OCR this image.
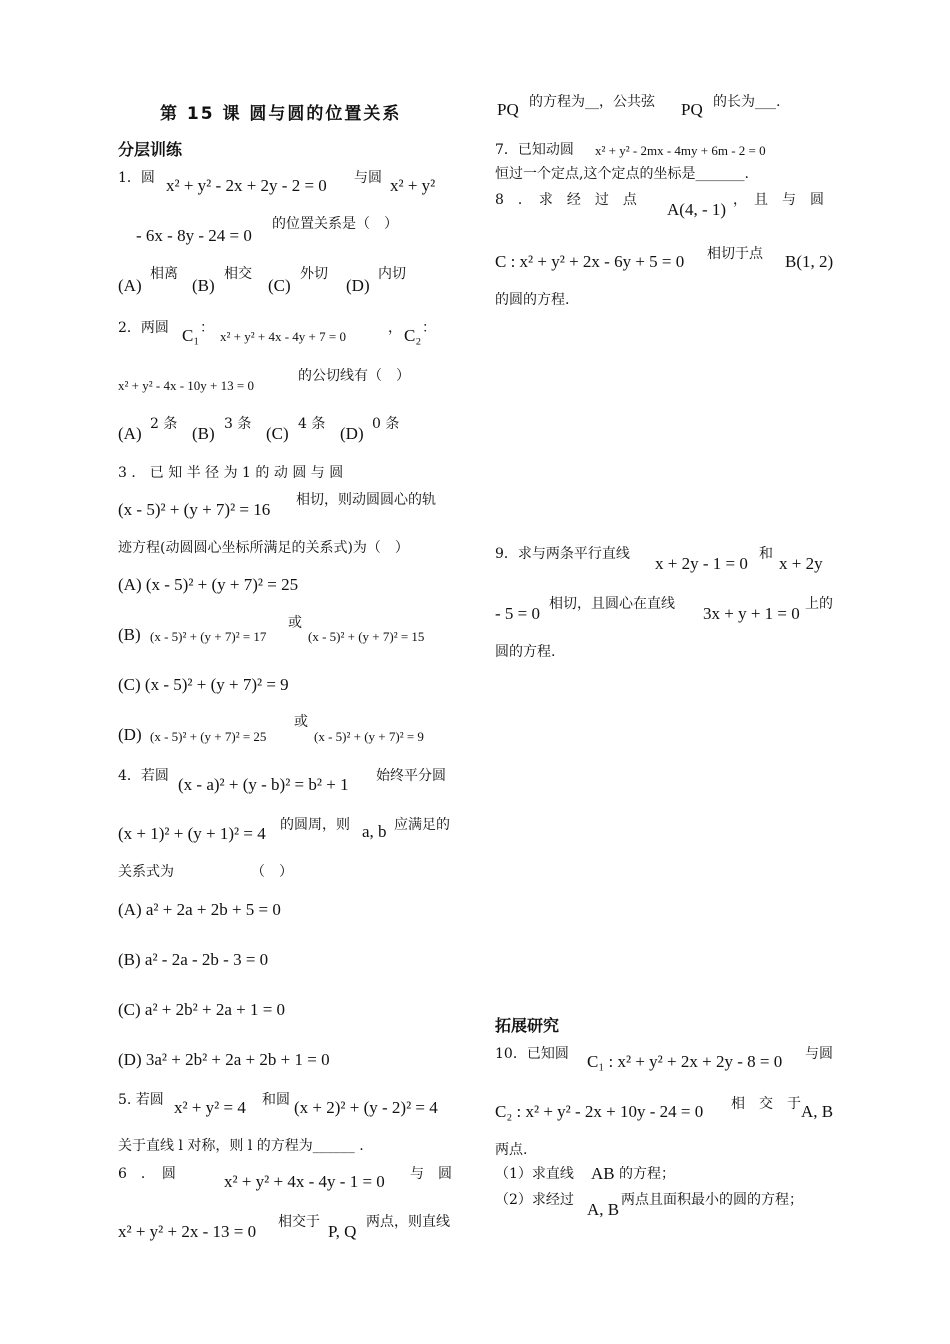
第 15 课 圆与圆的位置关系
分层训练
1．圆 x² + y² - 2x + 2y - 2 = 0 与圆 x² + y²
- 6x - 8y - 24 = 0
的位置关系是（　）
(A)
相离
(B)
相交
(C)
外切
(D)
内切
2．两圆 C₁ ：
x² + y² + 4x - 4y + 7 = 0
， C₂ ：
x² + y² - 4x - 10y + 13 = 0
的公切线有（　）
(A) 2 条 (B) 3 条 (C) 4 条 (D) 0 条
3 ． 已 知 半 径 为 1 的 动 圆 与 圆
(x - 5)² + (y + 7)² = 16 相切，则动圆圆心的轨
迹方程(动圆圆心坐标所满足的关系式)为（　）
(A) (x - 5)² + (y + 7)² = 25
(B) (x - 5)² + (y + 7)² = 17
或
(x - 5)² + (y + 7)² = 15
(C) (x - 5)² + (y + 7)² = 9
(D) (x - 5)² + (y + 7)² = 25
或
(x - 5)² + (y + 7)² = 9
4．若圆 (x - a)² + (y - b)² = b² + 1 始终平分圆
(x + 1)² + (y + 1)² = 4 的圆周，则 a, b 应满足的
关系式为　　　　　　（　）
(A) a² + 2a + 2b + 5 = 0
(B) a² - 2a - 2b - 3 = 0
(C) a² + 2b² + 2a + 1 = 0
(D) 3a² + 2b² + 2a + 2b + 1 = 0
5. 若圆 x² + y² = 4 和圆 (x + 2)² + (y - 2)² = 4
关于直线 l 对称，则 l 的方程为______ .
6　．　圆	x² + y² + 4x - 4y - 1 = 0 与　圆
x² + y² + 2x - 13 = 0 相交于 P, Q 两点，则直线
PQ 的方程为__，公共弦 PQ 的长为___.
7．已知动圆 x² + y² - 2mx - 4my + 6m - 2 = 0
恒过一个定点,这个定点的坐标是_______.
8　．　求　经　过　点 A(4, - 1) ，　且　与　圆
C : x² + y² + 2x - 6y + 5 = 0 相切于点 B(1, 2)
的圆的方程.
9．求与两条平行直线 x + 2y - 1 = 0 和 x + 2y
- 5 = 0 相切，且圆心在直线 3x + y + 1 = 0 上的
圆的方程.
10．已知圆 C₁ : x² + y² + 2x + 2y - 8 = 0 与圆
C₂ : x² + y² - 2x + 10y - 24 = 0 相　交　于 A, B
两点.
（1）求直线 AB 的方程；
（2）求经过 A, B 两点且面积最小的圆的方程；
拓展研究
